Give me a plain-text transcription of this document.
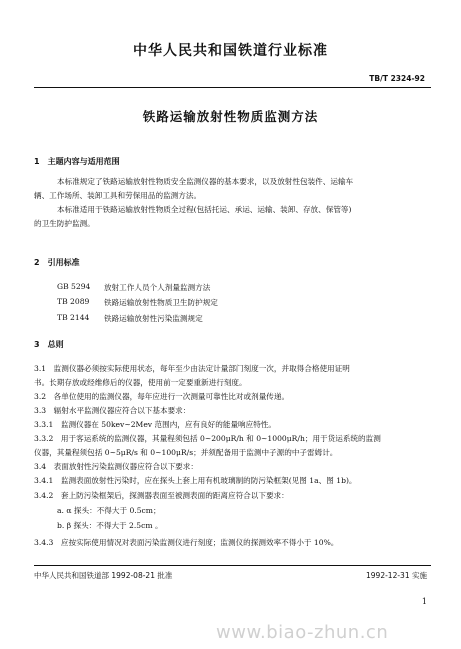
中华人民共和国铁道行业标准
TB/T 2324-92
铁路运输放射性物质监测方法
1　主题内容与适用范围
本标准规定了铁路运输放射性物质安全监测仪器的基本要求，以及放射性包装件、运输车
辆、工作场所、装卸工具和劳保用品的监测方法。
本标准适用于铁路运输放射性物质全过程(包括托运、承运、运输、装卸、存放、保管等)
的卫生防护监测。
2　引用标准
GB 5294 放射工作人员个人剂量监测方法
TB 2089 铁路运输放射性物质卫生防护规定
TB 2144 铁路运输放射性污染监测规定
3　总则
3.1　监测仪器必须按实际使用状态，每年至少由法定计量部门刻度一次，并取得合格使用证明
书。长期存放或经维修后的仪器，使用前一定要重新进行刻度。
3.2　各单位使用的监测仪器，每年应进行一次测量可靠性比对或剂量传递。
3.3　辐射水平监测仪器应符合以下基本要求：
3.3.1　监测仪器在 50kev~2Mev 范围内，应有良好的能量响应特性。
3.3.2　用于客运系统的监测仪器，其量程须包括 0~200μR/h 和 0~1000μR/h；用于货运系统的监测
仪器，其量程须包括 0~5μR/s 和 0~100μR/s；并须配备用于监测中子源的中子雷姆计。
3.4　表面放射性污染监测仪器应符合以下要求：
3.4.1　监测表面放射性污染时，应在探头上套上用有机玻璃制的防污染框架(见图 1a、图 1b)。
3.4.2　套上防污染框架后，探测器表面至被测表面的距离应符合以下要求：
a. α 探头：不得大于 0.5cm；
b. β 探头：不得大于 2.5cm 。
3.4.3　应按实际使用情况对表面污染监测仪进行刻度；监测仪的探测效率不得小于 10%。
中华人民共和国铁道部 1992-08-21 批准	1992-12-31 实施
1
www.biao-zhun.cn
